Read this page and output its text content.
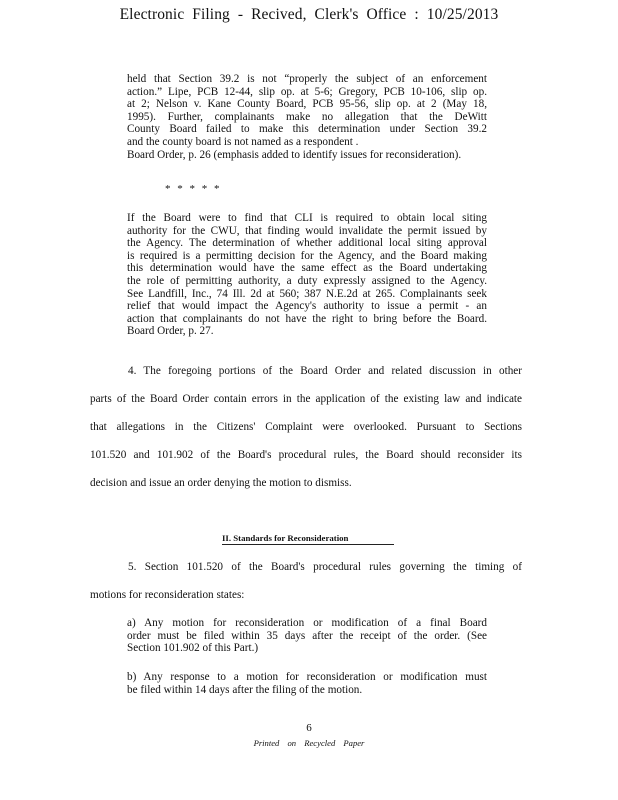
Electronic Filing - Recived, Clerk's Office : 10/25/2013
held that Section 39.2 is not “properly the subject of an enforcement
action.” Lipe, PCB 12-44, slip op. at 5-6; Gregory, PCB 10-106, slip op.
at 2; Nelson v. Kane County Board, PCB 95-56, slip op. at 2 (May 18,
1995). Further, complainants make no allegation that the DeWitt
County Board failed to make this determination under Section 39.2
and the county board is not named as a respondent .
Board Order, p. 26 (emphasis added to identify issues for reconsideration).
* * * * *
If the Board were to find that CLI is required to obtain local siting
authority for the CWU, that finding would invalidate the permit issued by
the Agency. The determination of whether additional local siting approval
is required is a permitting decision for the Agency, and the Board making
this determination would have the same effect as the Board undertaking
the role of permitting authority, a duty expressly assigned to the Agency.
See Landfill, Inc., 74 Ill. 2d at 560; 387 N.E.2d at 265. Complainants seek
relief that would impact the Agency's authority to issue a permit - an
action that complainants do not have the right to bring before the Board.
Board Order, p. 27.
4. The foregoing portions of the Board Order and related discussion in other
parts of the Board Order contain errors in the application of the existing law and indicate
that allegations in the Citizens' Complaint were overlooked. Pursuant to Sections
101.520 and 101.902 of the Board's procedural rules, the Board should reconsider its
decision and issue an order denying the motion to dismiss.
II. Standards for Reconsideration
5. Section 101.520 of the Board's procedural rules governing the timing of
motions for reconsideration states:
a) Any motion for reconsideration or modification of a final Board
order must be filed within 35 days after the receipt of the order. (See
Section 101.902 of this Part.)
b) Any response to a motion for reconsideration or modification must
be filed within 14 days after the filing of the motion.
6
Printed on Recycled Paper
